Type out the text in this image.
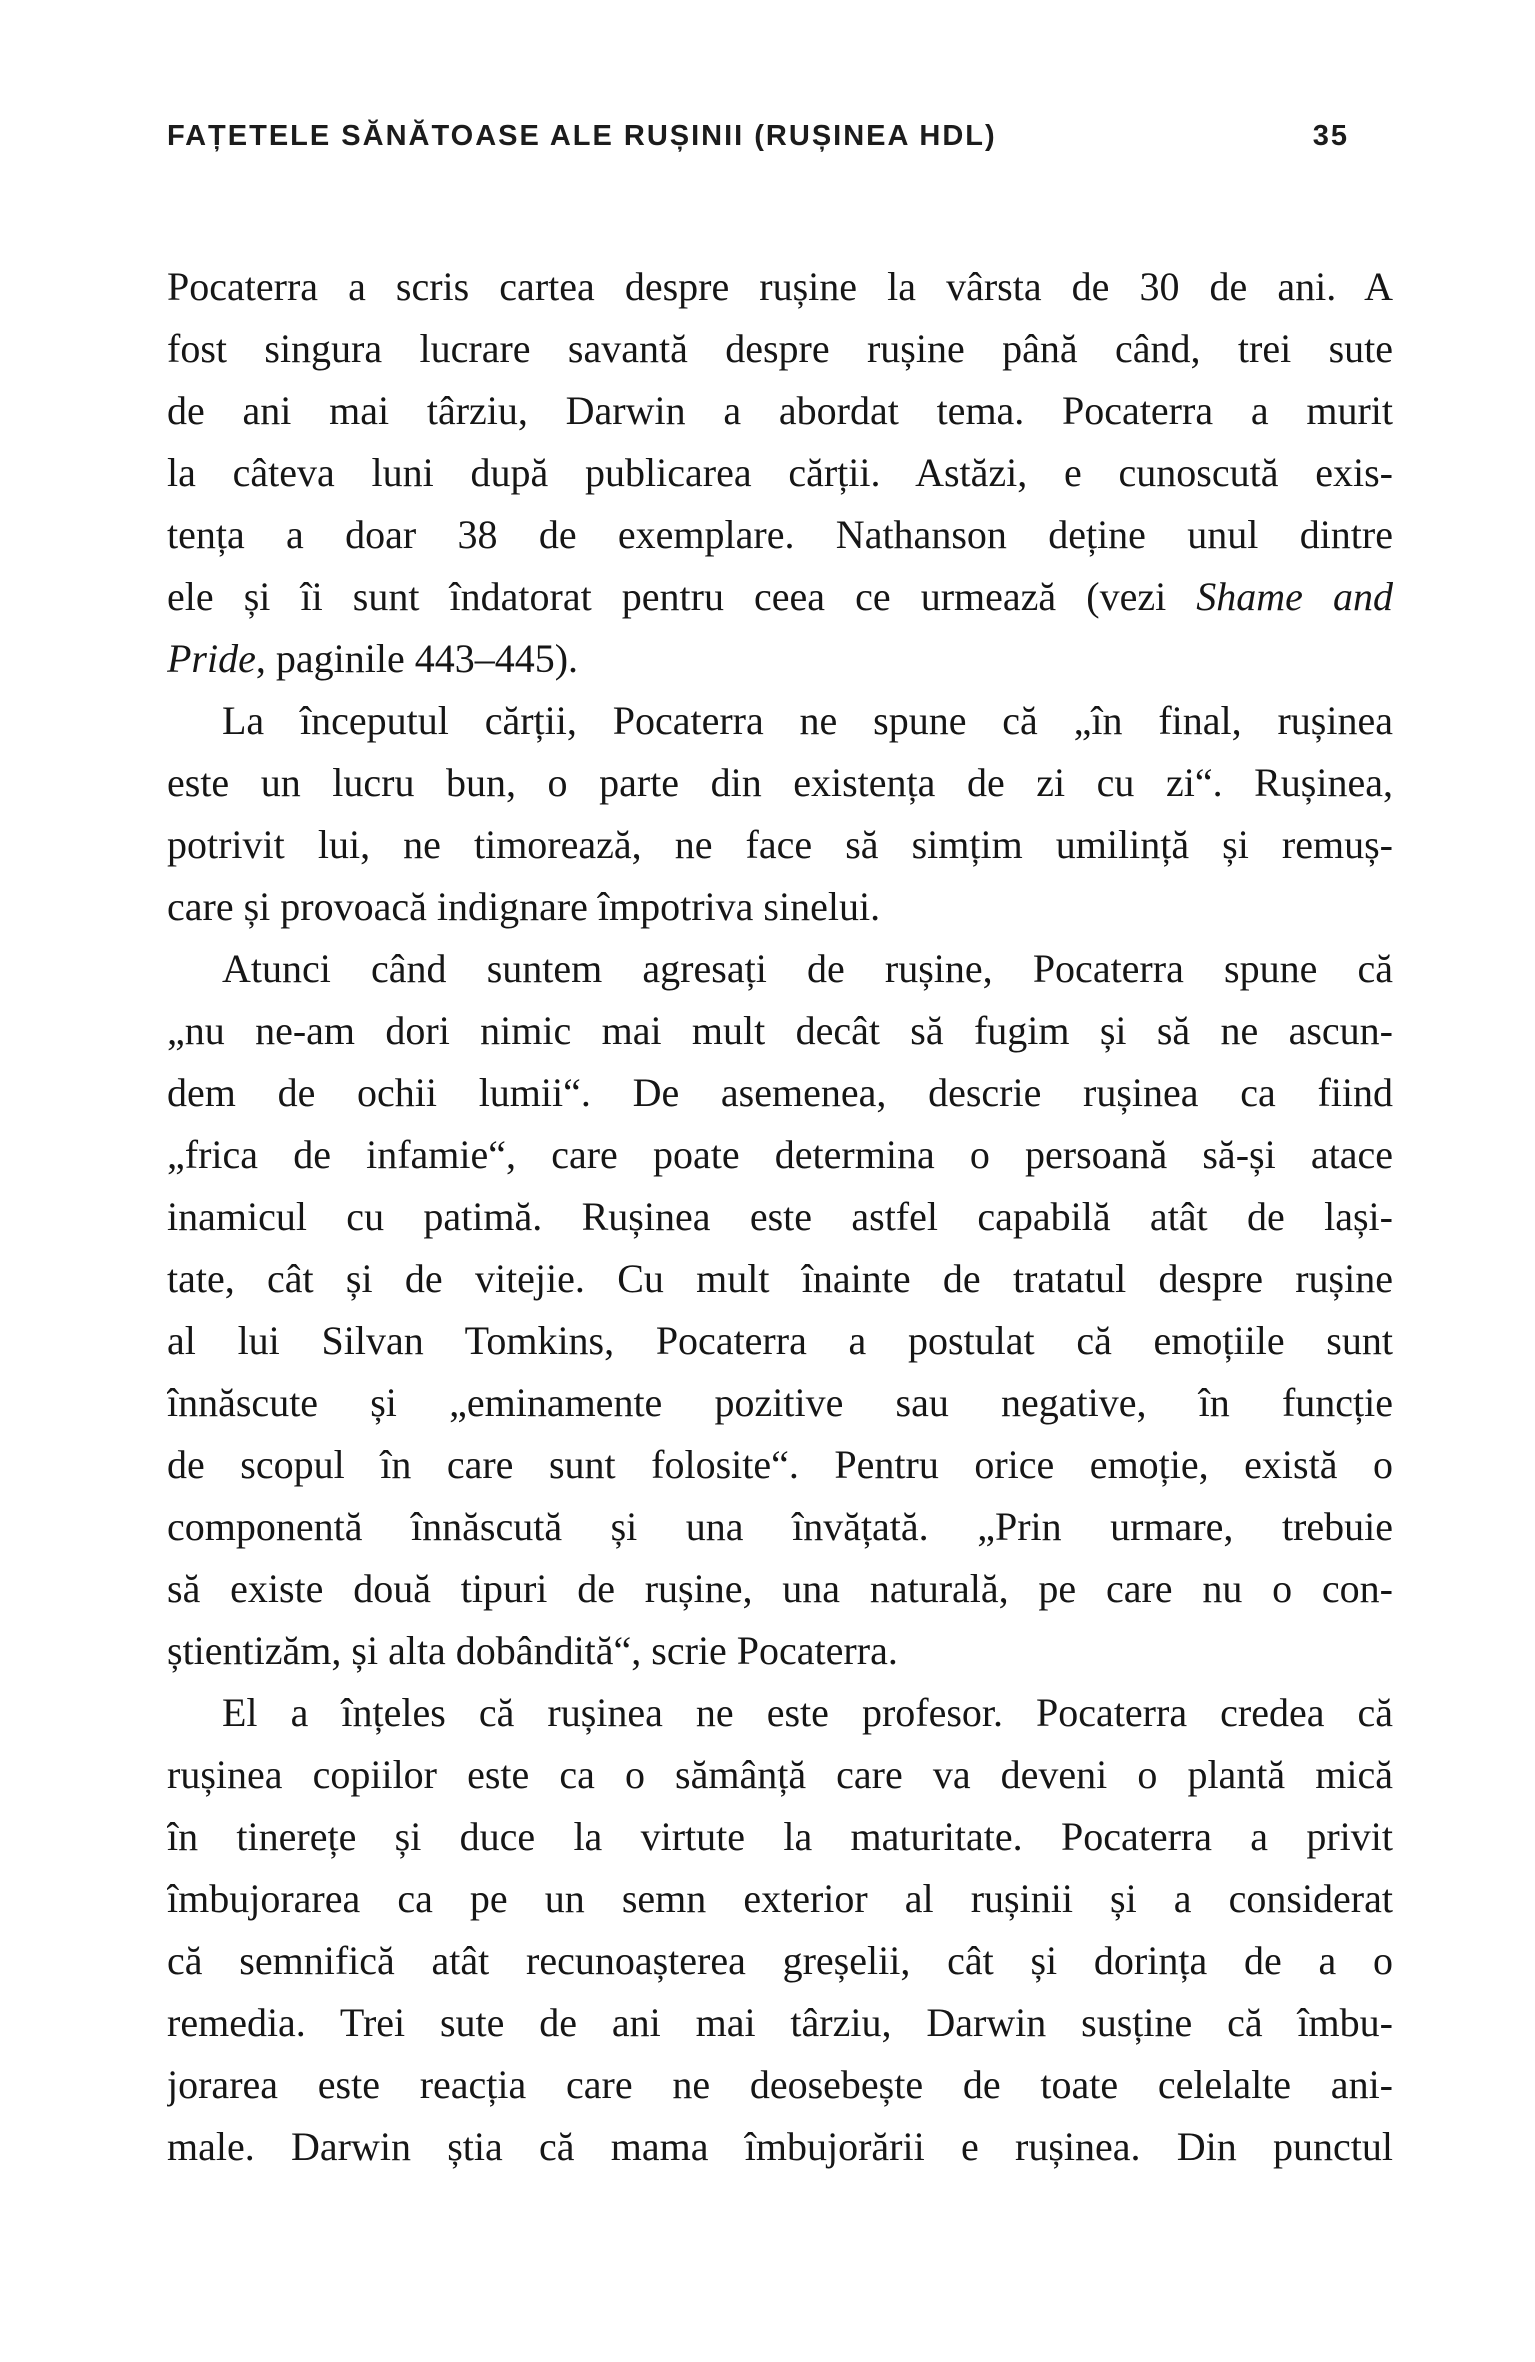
FAȚETELE SĂNĂTOASE ALE RUȘINII (RUȘINEA HDL)	35
Pocaterra a scris cartea despre rușine la vârsta de 30 de ani. A
fost singura lucrare savantă despre rușine până când, trei sute
de ani mai târziu, Darwin a abordat tema. Pocaterra a murit
la câteva luni după publicarea cărții. Astăzi, e cunoscută exis-
tența a doar 38 de exemplare. Nathanson deține unul dintre
ele și îi sunt îndatorat pentru ceea ce urmează (vezi Shame and
Pride, paginile 443–445).
La începutul cărții, Pocaterra ne spune că „în final, rușinea
este un lucru bun, o parte din existența de zi cu zi“. Rușinea,
potrivit lui, ne timorează, ne face să simțim umilință și remuș-
care și provoacă indignare împotriva sinelui.
Atunci când suntem agresați de rușine, Pocaterra spune că
„nu ne-am dori nimic mai mult decât să fugim și să ne ascun-
dem de ochii lumii“. De asemenea, descrie rușinea ca fiind
„frica de infamie“, care poate determina o persoană să-și atace
inamicul cu patimă. Rușinea este astfel capabilă atât de lași-
tate, cât și de vitejie. Cu mult înainte de tratatul despre rușine
al lui Silvan Tomkins, Pocaterra a postulat că emoțiile sunt
înnăscute și „eminamente pozitive sau negative, în funcție
de scopul în care sunt folosite“. Pentru orice emoție, există o
componentă înnăscută și una învățată. „Prin urmare, trebuie
să existe două tipuri de rușine, una naturală, pe care nu o con-
știentizăm, și alta dobândită“, scrie Pocaterra.
El a înțeles că rușinea ne este profesor. Pocaterra credea că
rușinea copiilor este ca o sămânță care va deveni o plantă mică
în tinerețe și duce la virtute la maturitate. Pocaterra a privit
îmbujorarea ca pe un semn exterior al rușinii și a considerat
că semnifică atât recunoașterea greșelii, cât și dorința de a o
remedia. Trei sute de ani mai târziu, Darwin susține că îmbu-
jorarea este reacția care ne deosebește de toate celelalte ani-
male. Darwin știa că mama îmbujorării e rușinea. Din punctul
